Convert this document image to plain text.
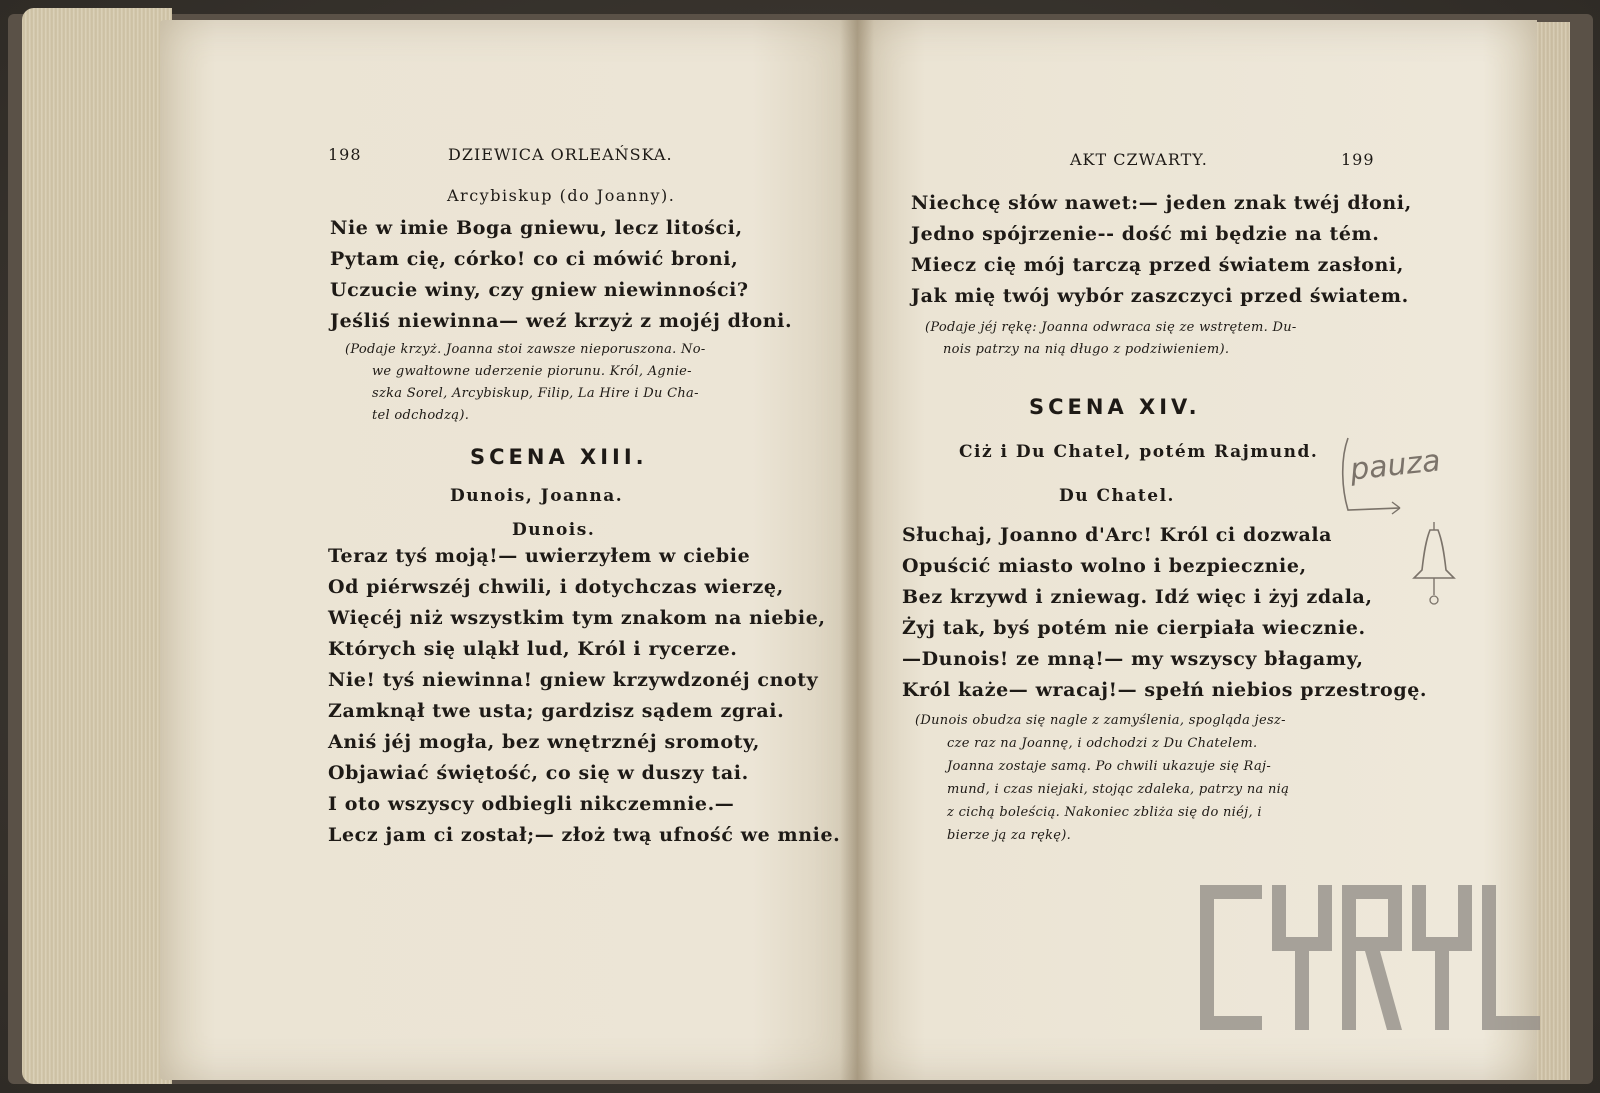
198	DZIEWICA ORLEAŃSKA.
Arcybiskup (do Joanny).
Nie w imie Boga gniewu, lecz litości,
Pytam cię, córko! co ci mówić broni,
Uczucie winy, czy gniew niewinności?
Jeśliś niewinna— weź krzyż z mojéj dłoni.
(Podaje krzyż. Joanna stoi zawsze nieporuszona. No-
we gwałtowne uderzenie piorunu. Król, Agnie-
szka Sorel, Arcybiskup, Filip, La Hire i Du Cha-
tel odchodzą).
SCENA XIII.
Dunois, Joanna.
Dunois.
Teraz tyś moją!— uwierzyłem w ciebie
Od piérwszéj chwili, i dotychczas wierzę,
Więcéj niż wszystkim tym znakom na niebie,
Których się uląkł lud, Król i rycerze.
Nie! tyś niewinna! gniew krzywdzonéj cnoty
Zamknął twe usta; gardzisz sądem zgrai.
Aniś jéj mogła, bez wnętrznéj sromoty,
Objawiać świętość, co się w duszy tai.
I oto wszyscy odbiegli nikczemnie.—
Lecz jam ci został;— złoż twą ufność we mnie.
AKT CZWARTY.	199
Niechcę słów nawet:— jeden znak twéj dłoni,
Jedno spójrzenie-- dość mi będzie na tém.
Miecz cię mój tarczą przed światem zasłoni,
Jak mię twój wybór zaszczyci przed światem.
(Podaje jéj rękę: Joanna odwraca się ze wstrętem. Du-
nois patrzy na nią długo z podziwieniem).
SCENA XIV.
Ciż i Du Chatel, potém Rajmund.
Du Chatel.
Słuchaj, Joanno d'Arc! Król ci dozwala
Opuścić miasto wolno i bezpiecznie,
Bez krzywd i zniewag. Idź więc i żyj zdala,
Żyj tak, byś potém nie cierpiała wiecznie.
—Dunois! ze mną!— my wszyscy błagamy,
Król każe— wracaj!— spełń niebios przestrogę.
(Dunois obudza się nagle z zamyślenia, spogląda jesz-
cze raz na Joannę, i odchodzi z Du Chatelem.
Joanna zostaje samą. Po chwili ukazuje się Raj-
mund, i czas niejaki, stojąc zdaleka, patrzy na nią
z cichą boleścią. Nakoniec zbliża się do niéj, i
bierze ją za rękę).
pauza
